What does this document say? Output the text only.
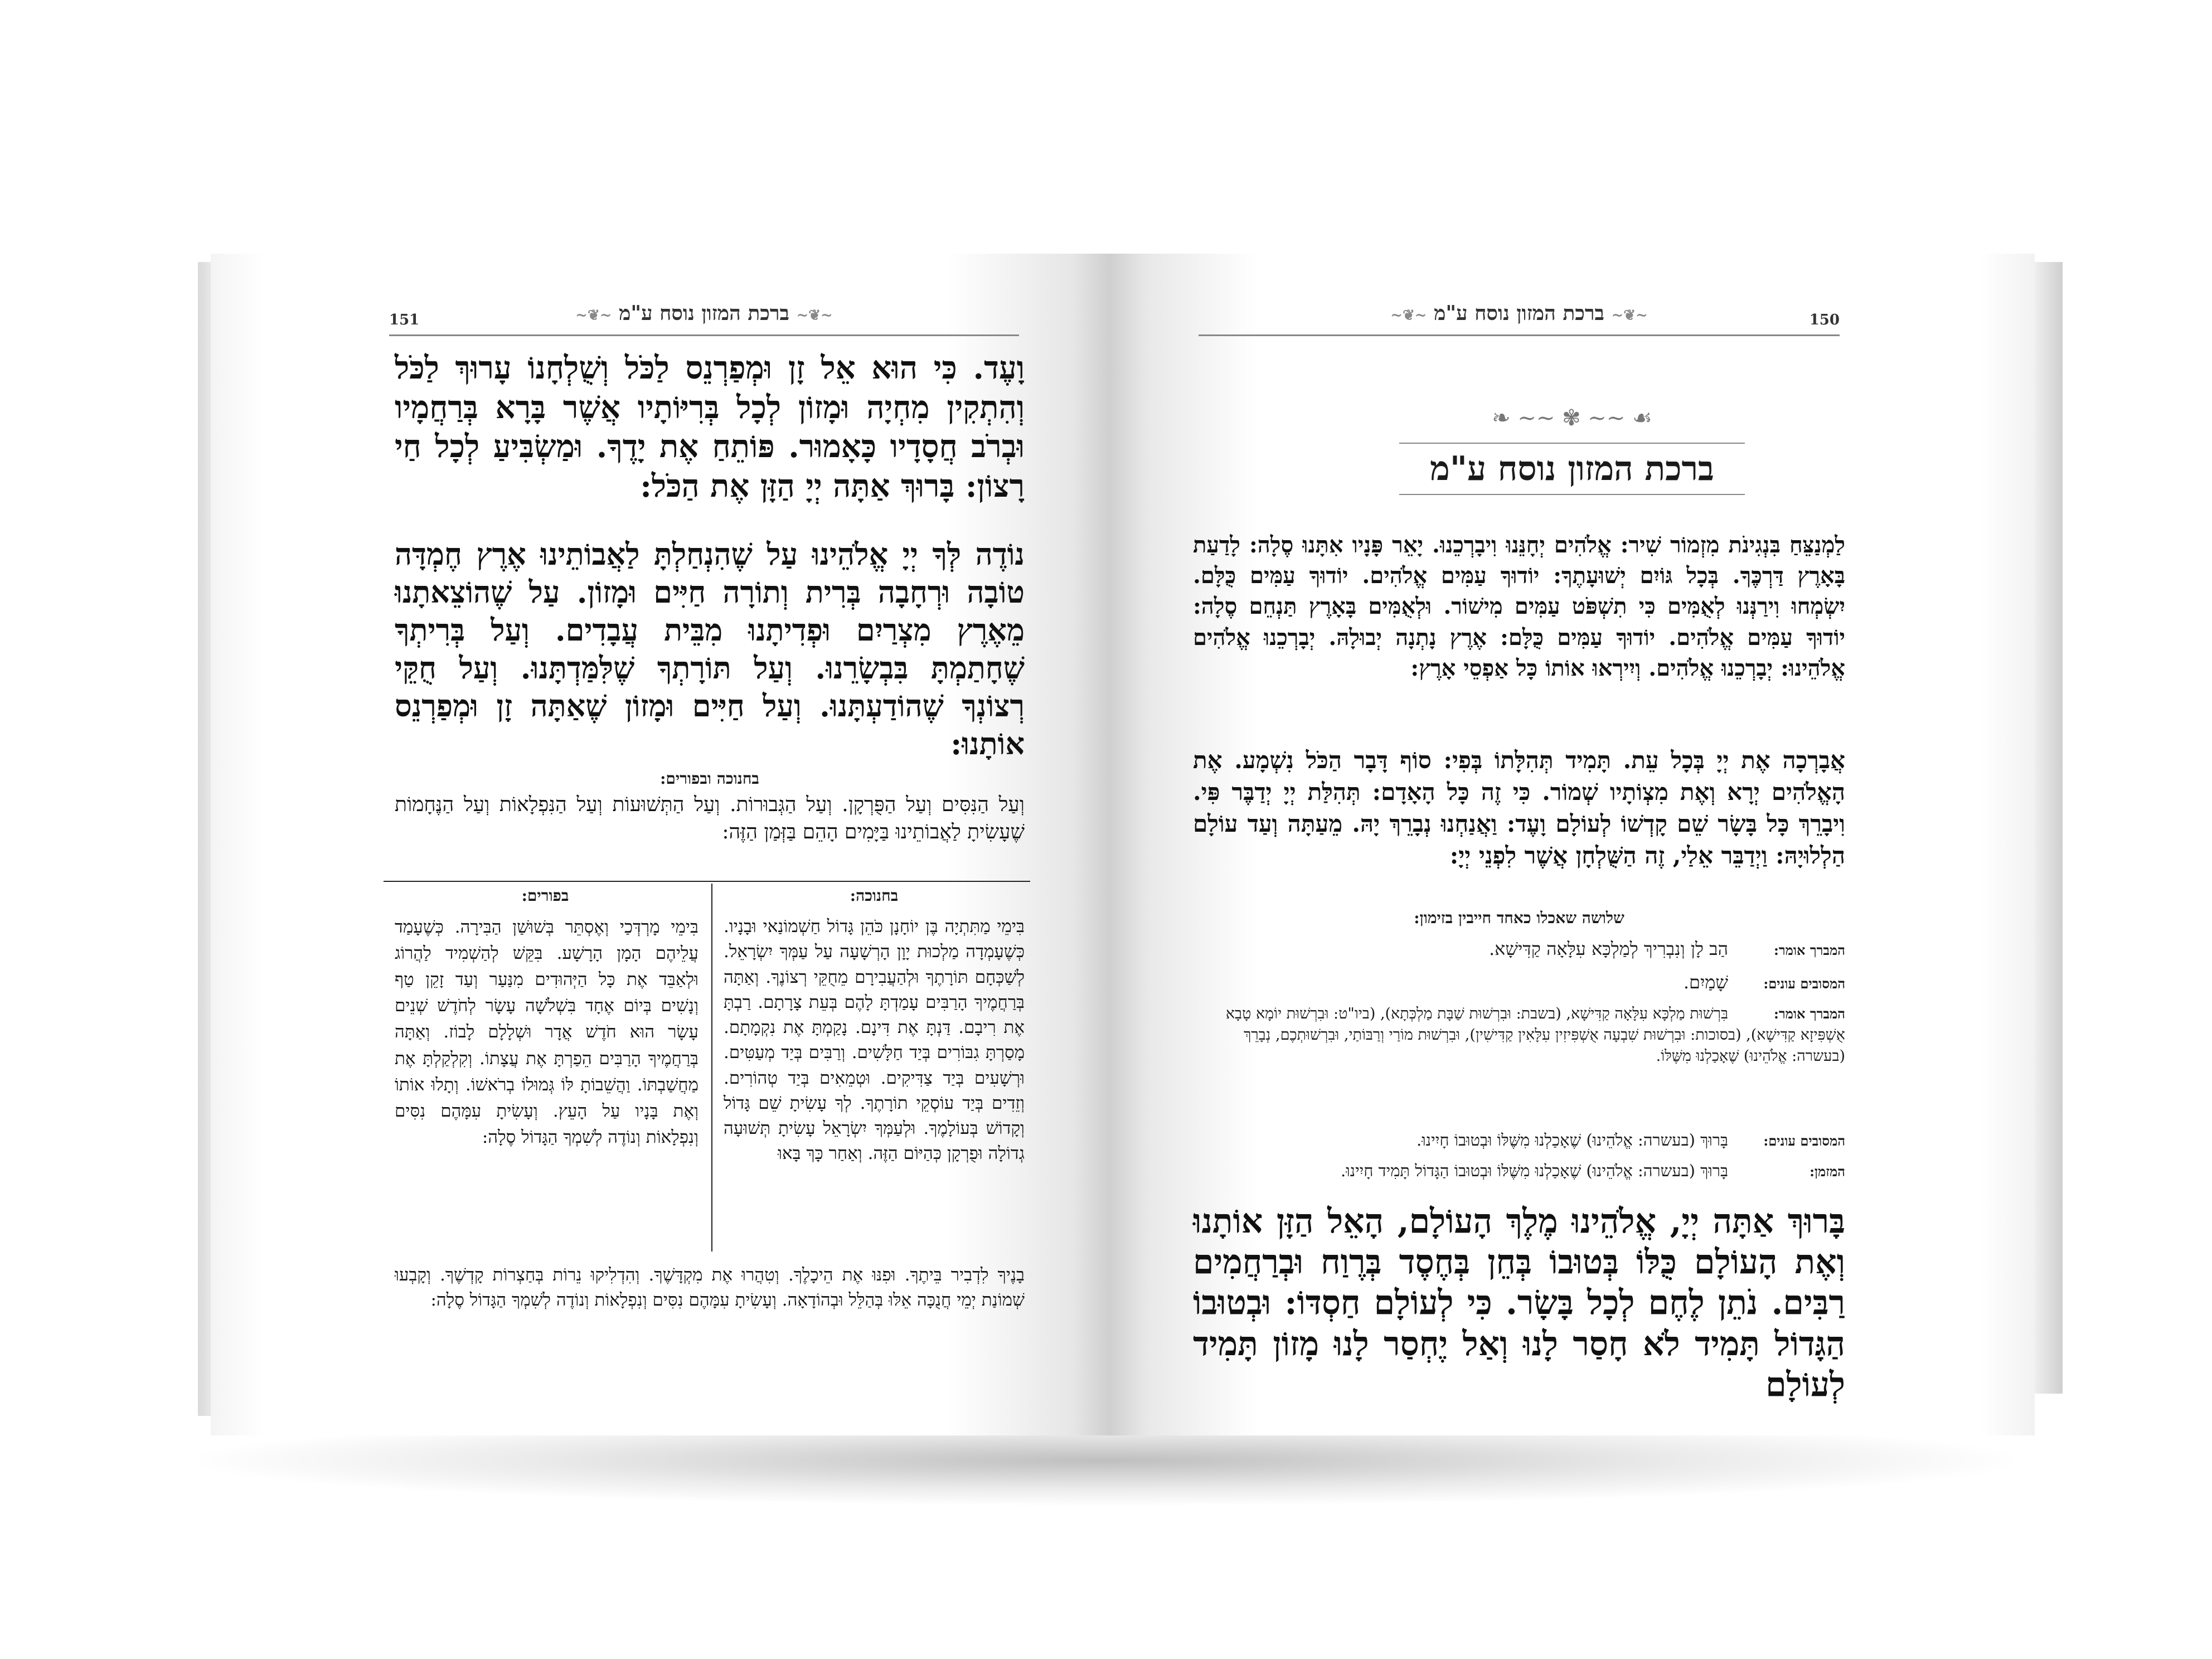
~❦~ ברכת המזון נוסח ע"מ ~❦~
151
וָעֶד. כִּי הוּא אֵל זָן וּמְפַרְנֵס לַכֹּל וְשֻׁלְחָנוֹ עָרוּךְ לַכֹּל וְהִתְקִין מִחְיָה וּמָזוֹן לְכָל בְּרִיּוֹתָיו אֲשֶׁר בָּרָא בְּרַחֲמָיו וּבְרֹב חֲסָדָיו כָּאָמוּר. פּוֹתֵחַ אֶת יָדֶךָ. וּמַשְׂבִּיעַ לְכָל חַי רָצוֹן: בָּרוּךְ אַתָּה יְיָ הַזָּן אֶת הַכֹּל:
נוֹדֶה לְּךָ יְיָ אֱלֹהֵינוּ עַל שֶׁהִנְחַלְתָּ לַאֲבוֹתֵינוּ אֶרֶץ חֶמְדָּה טוֹבָה וּרְחָבָה בְּרִית וְתוֹרָה חַיִּים וּמָזוֹן. עַל שֶׁהוֹצֵאתָנוּ מֵאֶרֶץ מִצְרַיִם וּפְדִיתָנוּ מִבֵּית עֲבָדִים. וְעַל בְּרִיתְךָ שֶׁחָתַמְתָּ בִּבְשָׂרֵנוּ. וְעַל תּוֹרָתְךָ שֶׁלִּמַּדְתָּנוּ. וְעַל חֻקֵּי רְצוֹנְךָ שֶׁהוֹדַעְתָּנוּ. וְעַל חַיִּים וּמָזוֹן שֶׁאַתָּה זָן וּמְפַרְנֵס אוֹתָנוּ:
בחנוכה ובפורים:
וְעַל הַנִּסִּים וְעַל הַפֻּרְקָן. וְעַל הַגְּבוּרוֹת. וְעַל הַתְּשׁוּעוֹת וְעַל הַנִּפְלָאוֹת וְעַל הַנֶּחָמוֹת שֶׁעָשִׂיתָ לַאֲבוֹתֵינוּ בַּיָּמִים הָהֵם בַּזְּמַן הַזֶּה:
בחנוכה:
בפורים:
בִּימֵי מַתִּתְיָה בֶּן יוֹחָנָן כֹּהֵן גָּדוֹל חַשְׁמוֹנַאי וּבָנָיו. כְּשֶׁעָמְדָה מַלְכוּת יָוָן הָרְשָׁעָה עַל עַמְּךָ יִשְׂרָאֵל. לְשַׁכְּחָם תּוֹרָתֶךָ וּלְהַעֲבִירָם מֵחֻקֵּי רְצוֹנֶךָ. וְאַתָּה בְּרַחֲמֶיךָ הָרַבִּים עָמַדְתָּ לָהֶם בְּעֵת צָרָתָם. רַבְתָּ אֶת רִיבָם. דַּנְתָּ אֶת דִּינָם. נָקַמְתָּ אֶת נִקְמָתָם. מָסַרְתָּ גִבּוֹרִים בְּיַד חַלָּשִׁים. וְרַבִּים בְּיַד מְעַטִּים. וּרְשָׁעִים בְּיַד צַדִּיקִים. וּטְמֵאִים בְּיַד טְהוֹרִים. וְזֵדִים בְּיַד עוֹסְקֵי תוֹרָתֶךָ. לְךָ עָשִׂיתָ שֵׁם גָּדוֹל וְקָדוֹשׁ בְּעוֹלָמֶךָ. וּלְעַמְּךָ יִשְׂרָאֵל עָשִׂיתָ תְּשׁוּעָה גְדוֹלָה וּפֻרְקָן כְּהַיּוֹם הַזֶּה. וְאַחַר כָּךְ בָּאוּ
בִּימֵי מָרְדְּכַי וְאֶסְתֵּר בְּשׁוּשַׁן הַבִּירָה. כְּשֶׁעָמַד עֲלֵיהֶם הָמָן הָרָשָׁע. בִּקֵּשׁ לְהַשְׁמִיד לַהֲרוֹג וּלְאַבֵּד אֶת כָּל הַיְּהוּדִים מִנַּעַר וְעַד זָקֵן טַף וְנָשִׁים בְּיוֹם אֶחָד בִּשְׁלֹשָׁה עָשָׂר לְחֹדֶשׁ שְׁנֵים עָשָׂר הוּא חֹדֶשׁ אֲדָר וּשְׁלָלָם לָבוֹז. וְאַתָּה בְּרַחֲמֶיךָ הָרַבִּים הֵפַרְתָּ אֶת עֲצָתוֹ. וְקִלְקַלְתָּ אֶת מַחֲשַׁבְתּוֹ. וַהֲשֵׁבוֹתָ לּוֹ גְּמוּלוֹ בְרֹאשׁוֹ. וְתָלוּ אוֹתוֹ וְאֶת בָּנָיו עַל הָעֵץ. וְעָשִׂיתָ עִמָּהֶם נִסִּים וְנִפְלָאוֹת וְנוֹדֶה לְשִׁמְךָ הַגָּדוֹל סֶלָה:
בָנֶיךָ לִדְבִיר בֵּיתֶךָ. וּפִנּוּ אֶת הֵיכָלֶךָ. וְטִהֲרוּ אֶת מִקְדָּשֶׁךָ. וְהִדְלִיקוּ נֵרוֹת בְּחַצְרוֹת קָדְשֶׁךָ. וְקָבְעוּ שְׁמוֹנַת יְמֵי חֲנֻכָּה אֵלּוּ בְּהַלֵּל וּבְהוֹדָאָה. וְעָשִׂיתָ עִמָּהֶם נִסִּים וְנִפְלָאוֹת וְנוֹדֶה לְשִׁמְךָ הַגָּדוֹל סֶלָה:
~❦~ ברכת המזון נוסח ע"מ ~❦~	150
❧ ~~ ✾ ~~ ☙
ברכת המזון נוסח ע"מ
לַמְנַצֵּחַ בִּנְגִינֹת מִזְמוֹר שִׁיר: אֱלֹהִים יְחָנֵּנוּ וִיבָרְכֵנוּ. יָאֵר פָּנָיו אִתָּנוּ סֶלָה: לָדַעַת בָּאָרֶץ דַּרְכֶּךָ. בְּכָל גּוֹיִם יְשׁוּעָתֶךָ: יוֹדוּךָ עַמִּים אֱלֹהִים. יוֹדוּךָ עַמִּים כֻּלָּם. יִשְׂמְחוּ וִירַנְּנוּ לְאֻמִּים כִּי תִשְׁפֹּט עַמִּים מִישׁוֹר. וּלְאֻמִּים בָּאָרֶץ תַּנְחֵם סֶלָה: יוֹדוּךָ עַמִּים אֱלֹהִים. יוֹדוּךָ עַמִּים כֻּלָּם: אֶרֶץ נָתְנָה יְבוּלָהּ. יְבָרְכֵנוּ אֱלֹהִים אֱלֹהֵינוּ: יְבָרְכֵנוּ אֱלֹהִים. וְיִירְאוּ אוֹתוֹ כָּל אַפְסֵי אָרֶץ:
אֲבָרְכָה אֶת יְיָ בְּכָל עֵת. תָּמִיד תְּהִלָּתוֹ בְּפִי: סוֹף דָּבָר הַכֹּל נִשְׁמָע. אֶת הָאֱלֹהִים יְרָא וְאֶת מִצְוֹתָיו שְׁמוֹר. כִּי זֶה כָּל הָאָדָם: תְּהִלַּת יְיָ יְדַבֶּר פִּי. וִיבָרֵךְ כָּל בָּשָׂר שֵׁם קָדְשׁוֹ לְעוֹלָם וָעֶד: וַאֲנַחְנוּ נְבָרֵךְ יָהּ. מֵעַתָּה וְעַד עוֹלָם הַלְלוּיָהּ: וַיְדַבֵּר אֵלַי, זֶה הַשֻּׁלְחָן אֲשֶׁר לִפְנֵי יְיָ:
שלושה שאכלו כאחד חייבין בזימון:
המברך אומר:הַב לָן וְנִבְרִיךְ לְמַלְכָּא עִלָּאָה קַדִּישָׁא.
המסובים עונים:שָׁמַיִם.
המברך אומר:בִּרְשׁוּת מַלְכָּא עִלָּאָה קַדִּישָׁא, (בשבת: וּבִרְשׁוּת שַׁבָּת מַלְכְּתָא), (ביו"ט: וּבִרְשׁוּת יוֹמָא טָבָא אֻשְׁפִּיזָא קַדִּישָׁא), (בסוכות: וּבִרְשׁוּת שִׁבְעָה אֻשְׁפִּיזִין עִלָּאִין קַדִּישִׁין), וּבִרְשׁוּת מוֹרַי וְרַבּוֹתַי, וּבִרְשׁוּתְכֶם, נְבָרֵךְ (בעשרה: אֱלֹהֵינוּ) שֶׁאָכַלְנוּ מִשֶּׁלּוֹ.
המסובים עונים:בָּרוּךְ (בעשרה: אֱלֹהֵינוּ) שֶׁאָכַלְנוּ מִשֶּׁלּוֹ וּבְטוּבוֹ חָיִינוּ.
המזמן:בָּרוּךְ (בעשרה: אֱלֹהֵינוּ) שֶׁאָכַלְנוּ מִשֶּׁלּוֹ וּבְטוּבוֹ הַגָּדוֹל תָּמִיד חָיִינוּ.
בָּרוּךְ אַתָּה יְיָ, אֱלֹהֵינוּ מֶלֶךְ הָעוֹלָם, הָאֵל הַזָּן אוֹתָנוּ וְאֶת הָעוֹלָם כֻּלּוֹ בְּטוּבוֹ בְּחֵן בְּחֶסֶד בְּרֶוַח וּבְרַחֲמִים רַבִּים. נֹתֵן לֶחֶם לְכָל בָּשָׂר. כִּי לְעוֹלָם חַסְדּוֹ: וּבְטוּבוֹ הַגָּדוֹל תָּמִיד לֹא חָסַר לָנוּ וְאַל יֶחְסַר לָנוּ מָזוֹן תָּמִיד לְעוֹלָם
